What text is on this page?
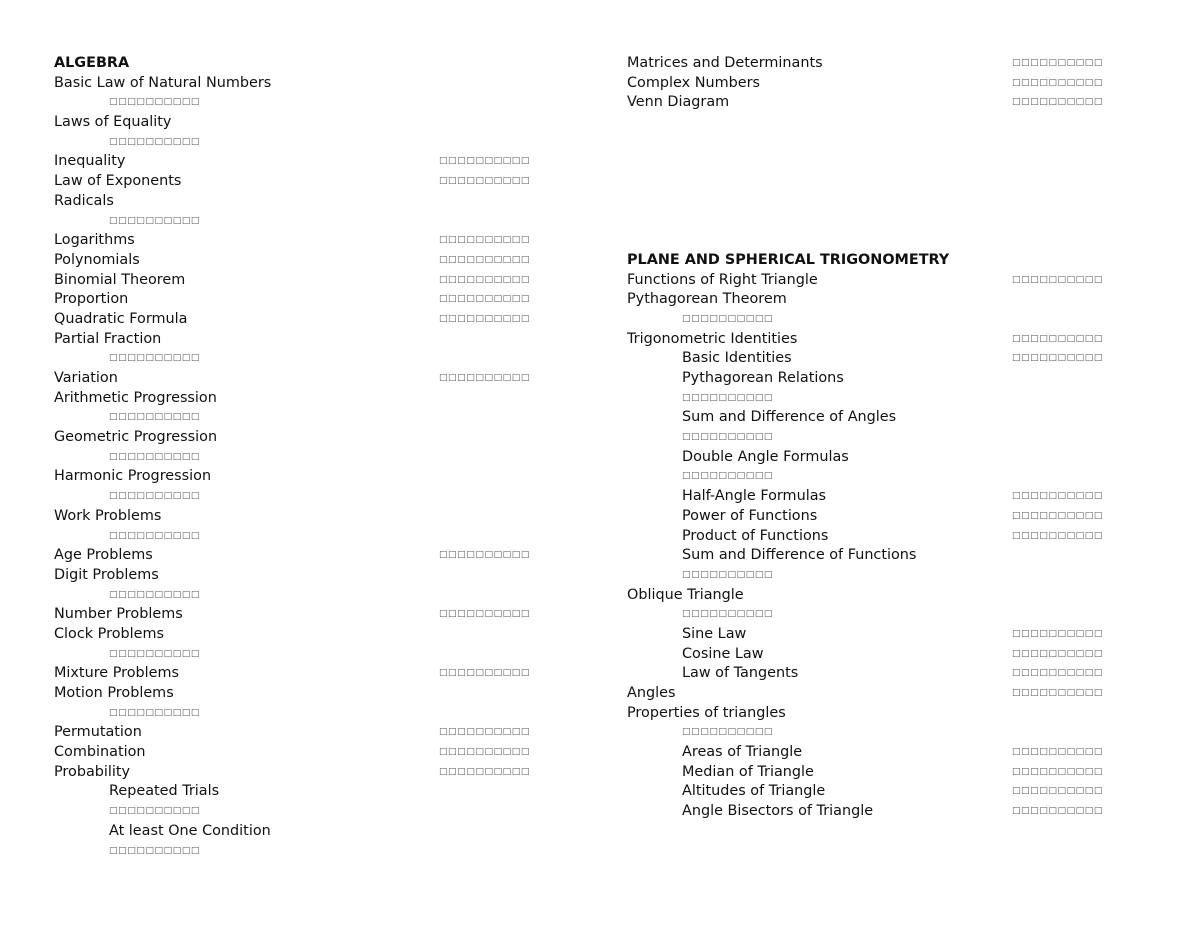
ALGEBRA
Basic Law of Natural Numbers
□□□□□□□□□□
Laws of Equality
□□□□□□□□□□
Inequality	□□□□□□□□□□
Law of Exponents	□□□□□□□□□□
Radicals
□□□□□□□□□□
Logarithms	□□□□□□□□□□
Polynomials	□□□□□□□□□□
Binomial Theorem	□□□□□□□□□□
Proportion	□□□□□□□□□□
Quadratic Formula	□□□□□□□□□□
Partial Fraction
□□□□□□□□□□
Variation	□□□□□□□□□□
Arithmetic Progression
□□□□□□□□□□
Geometric Progression
□□□□□□□□□□
Harmonic Progression
□□□□□□□□□□
Work Problems
□□□□□□□□□□
Age Problems	□□□□□□□□□□
Digit Problems
□□□□□□□□□□
Number Problems	□□□□□□□□□□
Clock Problems
□□□□□□□□□□
Mixture Problems	□□□□□□□□□□
Motion Problems
□□□□□□□□□□
Permutation	□□□□□□□□□□
Combination	□□□□□□□□□□
Probability	□□□□□□□□□□
Repeated Trials
□□□□□□□□□□
At least One Condition
□□□□□□□□□□
Matrices and Determinants	□□□□□□□□□□
Complex Numbers	□□□□□□□□□□
Venn Diagram	□□□□□□□□□□
PLANE AND SPHERICAL TRIGONOMETRY
Functions of Right Triangle	□□□□□□□□□□
Pythagorean Theorem
□□□□□□□□□□
Trigonometric Identities	□□□□□□□□□□
Basic Identities	□□□□□□□□□□
Pythagorean Relations
□□□□□□□□□□
Sum and Difference of Angles
□□□□□□□□□□
Double Angle Formulas
□□□□□□□□□□
Half-Angle Formulas	□□□□□□□□□□
Power of Functions	□□□□□□□□□□
Product of Functions	□□□□□□□□□□
Sum and Difference of Functions
□□□□□□□□□□
Oblique Triangle
□□□□□□□□□□
Sine Law	□□□□□□□□□□
Cosine Law	□□□□□□□□□□
Law of Tangents	□□□□□□□□□□
Angles	□□□□□□□□□□
Properties of triangles
□□□□□□□□□□
Areas of Triangle	□□□□□□□□□□
Median of Triangle	□□□□□□□□□□
Altitudes of Triangle	□□□□□□□□□□
Angle Bisectors of Triangle	□□□□□□□□□□
